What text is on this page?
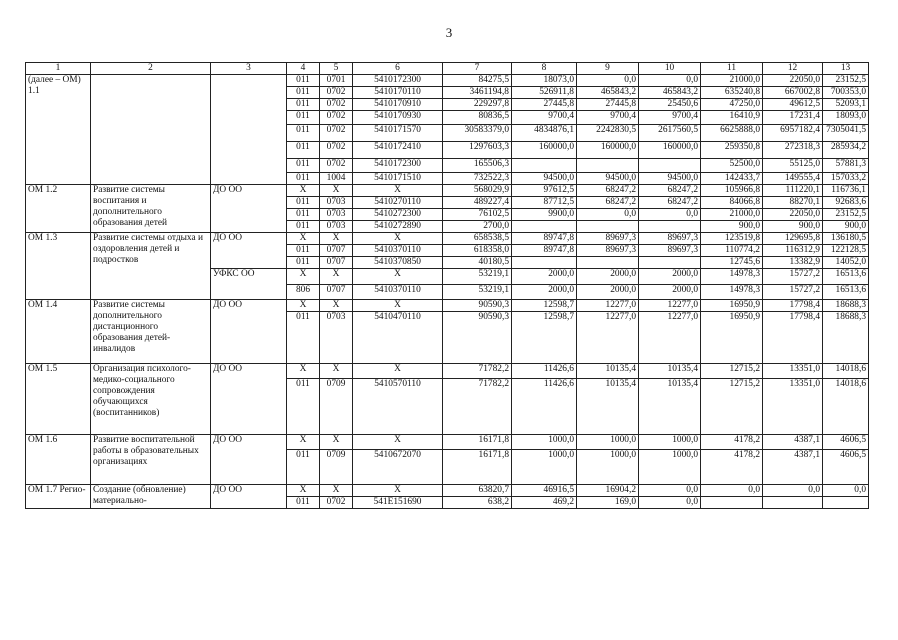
3
1	2	3	4	5	6	7	8	9	10	11	12	13
(далее – ОМ) 1.1			011	0701	5410172300	84275,5	18073,0	0,0	0,0	21000,0	22050,0	23152,5
			011	0702	5410170110	3461194,8	526911,8	465843,2	465843,2	635240,8	667002,8	700353,0
			011	0702	5410170910	229297,8	27445,8	27445,8	25450,6	47250,0	49612,5	52093,1
			011	0702	5410170930	80836,5	9700,4	9700,4	9700,4	16410,9	17231,4	18093,0
			011	0702	5410171570	30583379,0	4834876,1	2242830,5	2617560,5	6625888,0	6957182,4	7305041,5
			011	0702	5410172410	1297603,3	160000,0	160000,0	160000,0	259350,8	272318,3	285934,2
			011	0702	5410172300	165506,3				52500,0	55125,0	57881,3
			011	1004	5410171510	732522,3	94500,0	94500,0	94500,0	142433,7	149555,4	157033,2
ОМ 1.2	Развитие системы воспитания и дополнительного образования детей	ДО ОО	X	X	X	568029,9	97612,5	68247,2	68247,2	105966,8	111220,1	116736,1
			011	0703	5410270110	489227,4	87712,5	68247,2	68247,2	84066,8	88270,1	92683,6
			011	0703	5410272300	76102,5	9900,0	0,0	0,0	21000,0	22050,0	23152,5
			011	0703	5410272890	2700,0				900,0	900,0	900,0
ОМ 1.3	Развитие системы отдыха и оздоровления детей и подростков	ДО ОО	X	X	X	658538,5	89747,8	89697,3	89697,3	123519,8	129695,8	136180,5
			011	0707	5410370110	618358,0	89747,8	89697,3	89697,3	110774,2	116312,9	122128,5
			011	0707	5410370850	40180,5				12745,6	13382,9	14052,0
		УФКС ОО	X	X	X	53219,1	2000,0	2000,0	2000,0	14978,3	15727,2	16513,6
			806	0707	5410370110	53219,1	2000,0	2000,0	2000,0	14978,3	15727,2	16513,6
ОМ 1.4	Развитие системы дополнительного дистанционного образования детей-инвалидов	ДО ОО	X	X	X	90590,3	12598,7	12277,0	12277,0	16950,9	17798,4	18688,3
			011	0703	5410470110	90590,3	12598,7	12277,0	12277,0	16950,9	17798,4	18688,3
ОМ 1.5	Организация психолого-медико-социального сопровождения обучающихся (воспитанников)	ДО ОО	X	X	X	71782,2	11426,6	10135,4	10135,4	12715,2	13351,0	14018,6
			011	0709	5410570110	71782,2	11426,6	10135,4	10135,4	12715,2	13351,0	14018,6
ОМ 1.6	Развитие воспитательной работы в образовательных организациях	ДО ОО	X	X	X	16171,8	1000,0	1000,0	1000,0	4178,2	4387,1	4606,5
			011	0709	5410672070	16171,8	1000,0	1000,0	1000,0	4178,2	4387,1	4606,5
ОМ 1.7 Регио-	Создание (обновление) материально-	ДО ОО	X	X	X	63820,7	46916,5	16904,2	0,0	0,0	0,0	0,0
			011	0702	541E151690	638,2	469,2	169,0	0,0			
